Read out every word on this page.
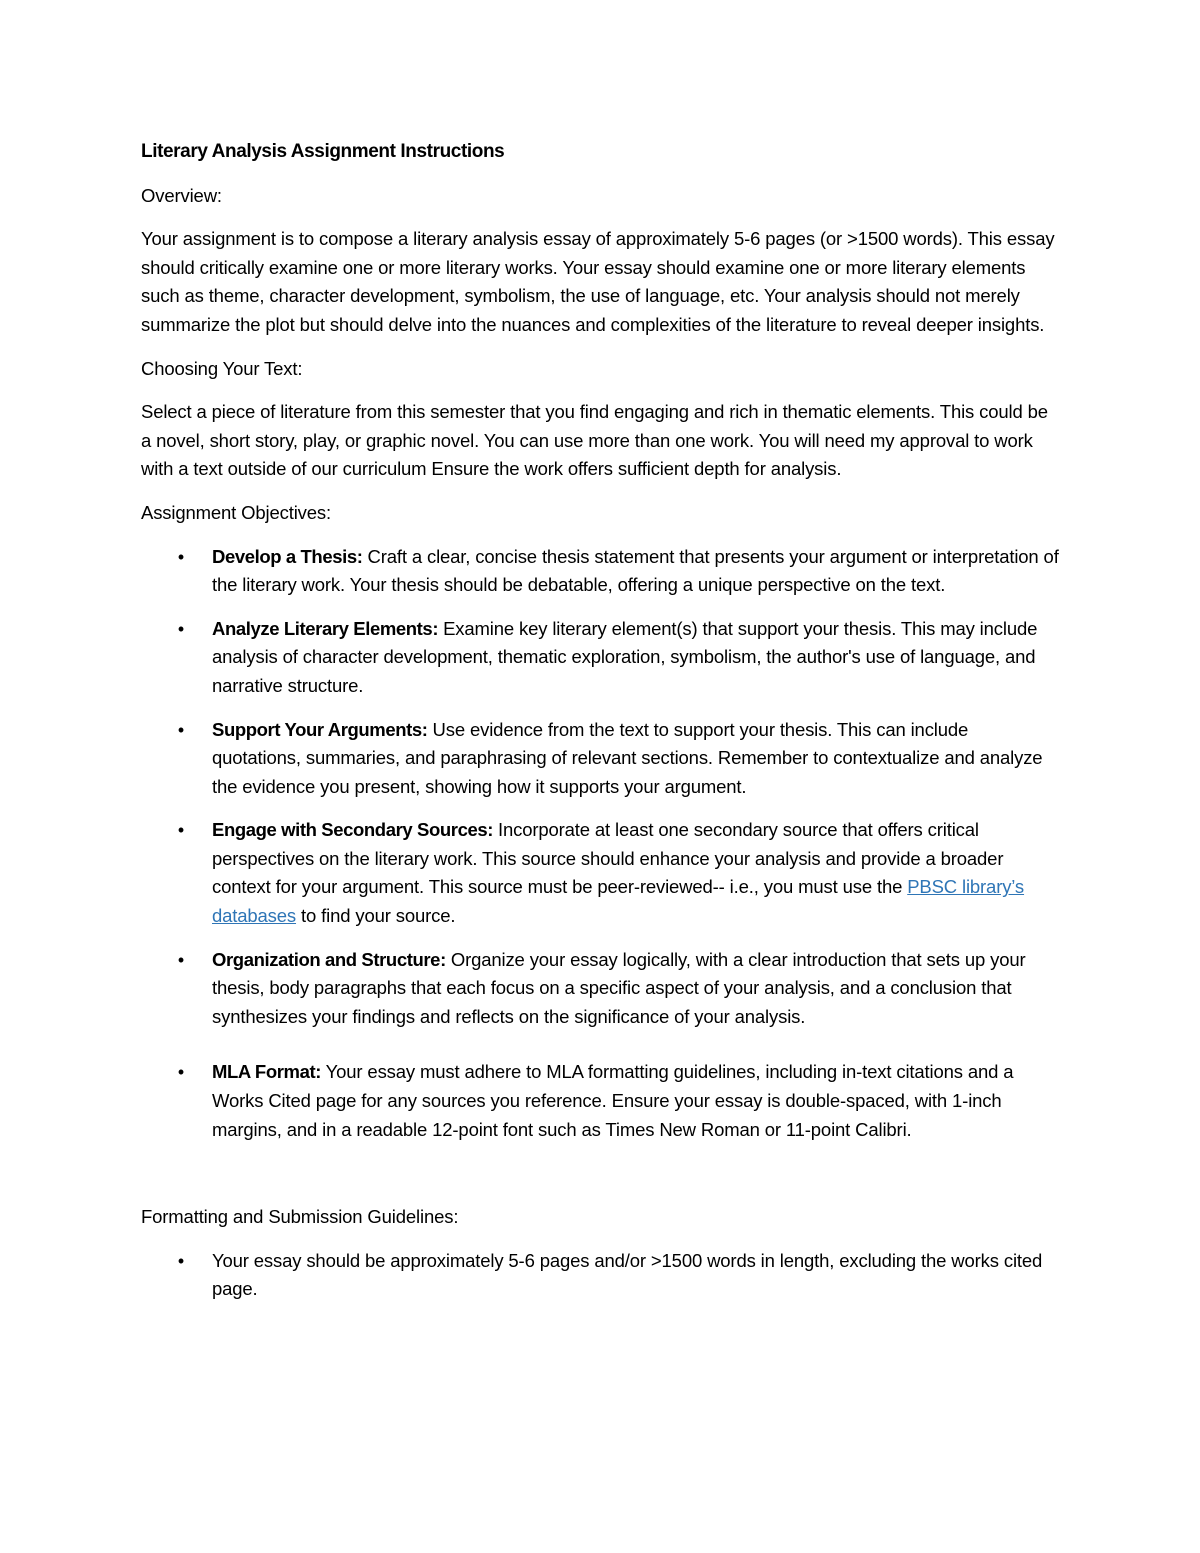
Literary Analysis Assignment Instructions

Overview:

Your assignment is to compose a literary analysis essay of approximately 5-6 pages (or >1500 words). This essay should critically examine one or more literary works. Your essay should examine one or more literary elements such as theme, character development, symbolism, the use of language, etc. Your analysis should not merely summarize the plot but should delve into the nuances and complexities of the literature to reveal deeper insights.

Choosing Your Text:

Select a piece of literature from this semester that you find engaging and rich in thematic elements. This could be a novel, short story, play, or graphic novel. You can use more than one work. You will need my approval to work with a text outside of our curriculum Ensure the work offers sufficient depth for analysis.

Assignment Objectives:

• Develop a Thesis: Craft a clear, concise thesis statement that presents your argument or interpretation of the literary work. Your thesis should be debatable, offering a unique perspective on the text.
• Analyze Literary Elements: Examine key literary element(s) that support your thesis. This may include analysis of character development, thematic exploration, symbolism, the author's use of language, and narrative structure.
• Support Your Arguments: Use evidence from the text to support your thesis. This can include quotations, summaries, and paraphrasing of relevant sections. Remember to contextualize and analyze the evidence you present, showing how it supports your argument.
• Engage with Secondary Sources: Incorporate at least one secondary source that offers critical perspectives on the literary work. This source should enhance your analysis and provide a broader context for your argument. This source must be peer-reviewed-- i.e., you must use the PBSC library’s databases to find your source.
• Organization and Structure: Organize your essay logically, with a clear introduction that sets up your thesis, body paragraphs that each focus on a specific aspect of your analysis, and a conclusion that synthesizes your findings and reflects on the significance of your analysis.
• MLA Format: Your essay must adhere to MLA formatting guidelines, including in-text citations and a Works Cited page for any sources you reference. Ensure your essay is double-spaced, with 1-inch margins, and in a readable 12-point font such as Times New Roman or 11-point Calibri.

Formatting and Submission Guidelines:

• Your essay should be approximately 5-6 pages and/or >1500 words in length, excluding the works cited page.
